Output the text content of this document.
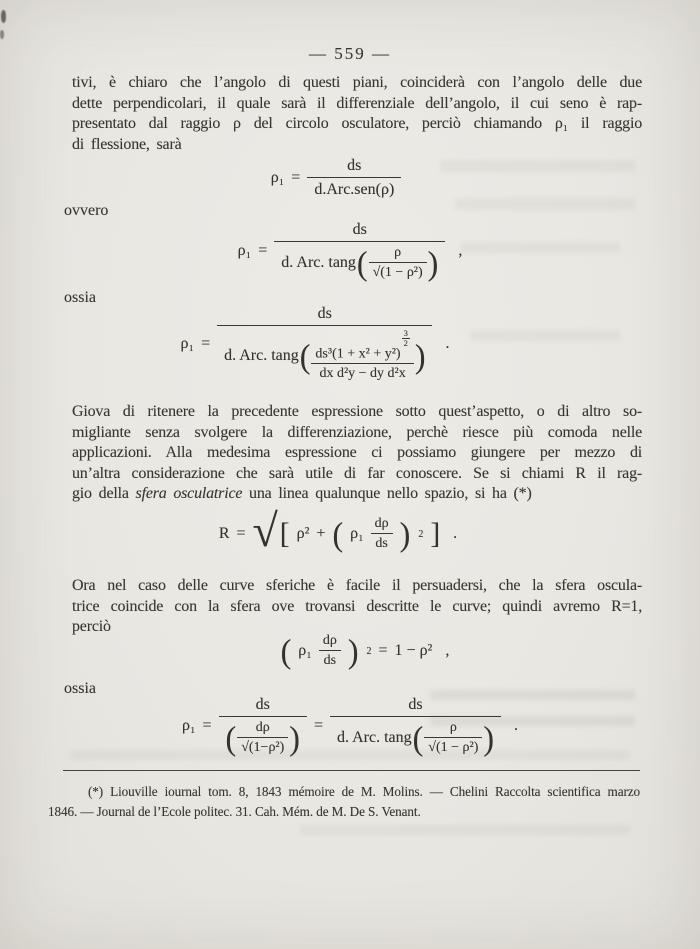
— 559 —
tivi, è chiaro che l’angolo di questi piani, coinciderà con l’angolo delle due
dette perpendicolari, il quale sarà il differenziale dell’angolo, il cui seno è rap-
presentato dal raggio ρ del circolo osculatore, perciò chiamando ρ₁ il raggio
di flessione, sarà
$\rho_1 = \frac{ds}{\text{d.Arc.sen(ρ)}}$
ovvero
ρ₁ =
ds
d. Arc. tang ( $\frac{\rho}{\text{√(1 − ρ²)}}$ ) ,
ossia
ρ₁ =
ds
d. Arc. tang ( ds³(1 + x² + y²)
$\frac{3}{2}$
dx d²y − dy d²x ) .
Giova di ritenere la precedente espressione sotto quest’aspetto, o di altro so-
migliante senza svolgere la differenziazione, perchè riesce più comoda nelle
applicazioni. Alla medesima espressione ci possiamo giungere per mezzo di
un’altra considerazione che sarà utile di far conoscere. Se si chiami R il rag-
gio della sfera osculatrice una linea qualunque nello spazio, si ha (*)
R = √ [ ρ² + ( $\rho_1 \frac{d\rho}{ds}$ ) 2 ] .
Ora nel caso delle curve sferiche è facile il persuadersi, che la sfera oscula-
trice coincide con la sfera ove trovansi descritte le curve; quindi avremo R=1,
perciò
( $\rho_1 \frac{d\rho}{ds}$ ) 2 = 1 − ρ² ,
ossia
ρ₁ =
ds
( $\frac{d\rho}{\text{√(1−ρ²)}}$ ) =
ds
d. Arc. tang ( $\frac{\rho}{\text{√(1 − ρ²)}}$ ) .
(*) Liouville iournal tom. 8, 1843 mémoire de M. Molins. — Chelini Raccolta scientifica marzo
1846. — Journal de l’Ecole politec. 31. Cah. Mém. de M. De S. Venant.
